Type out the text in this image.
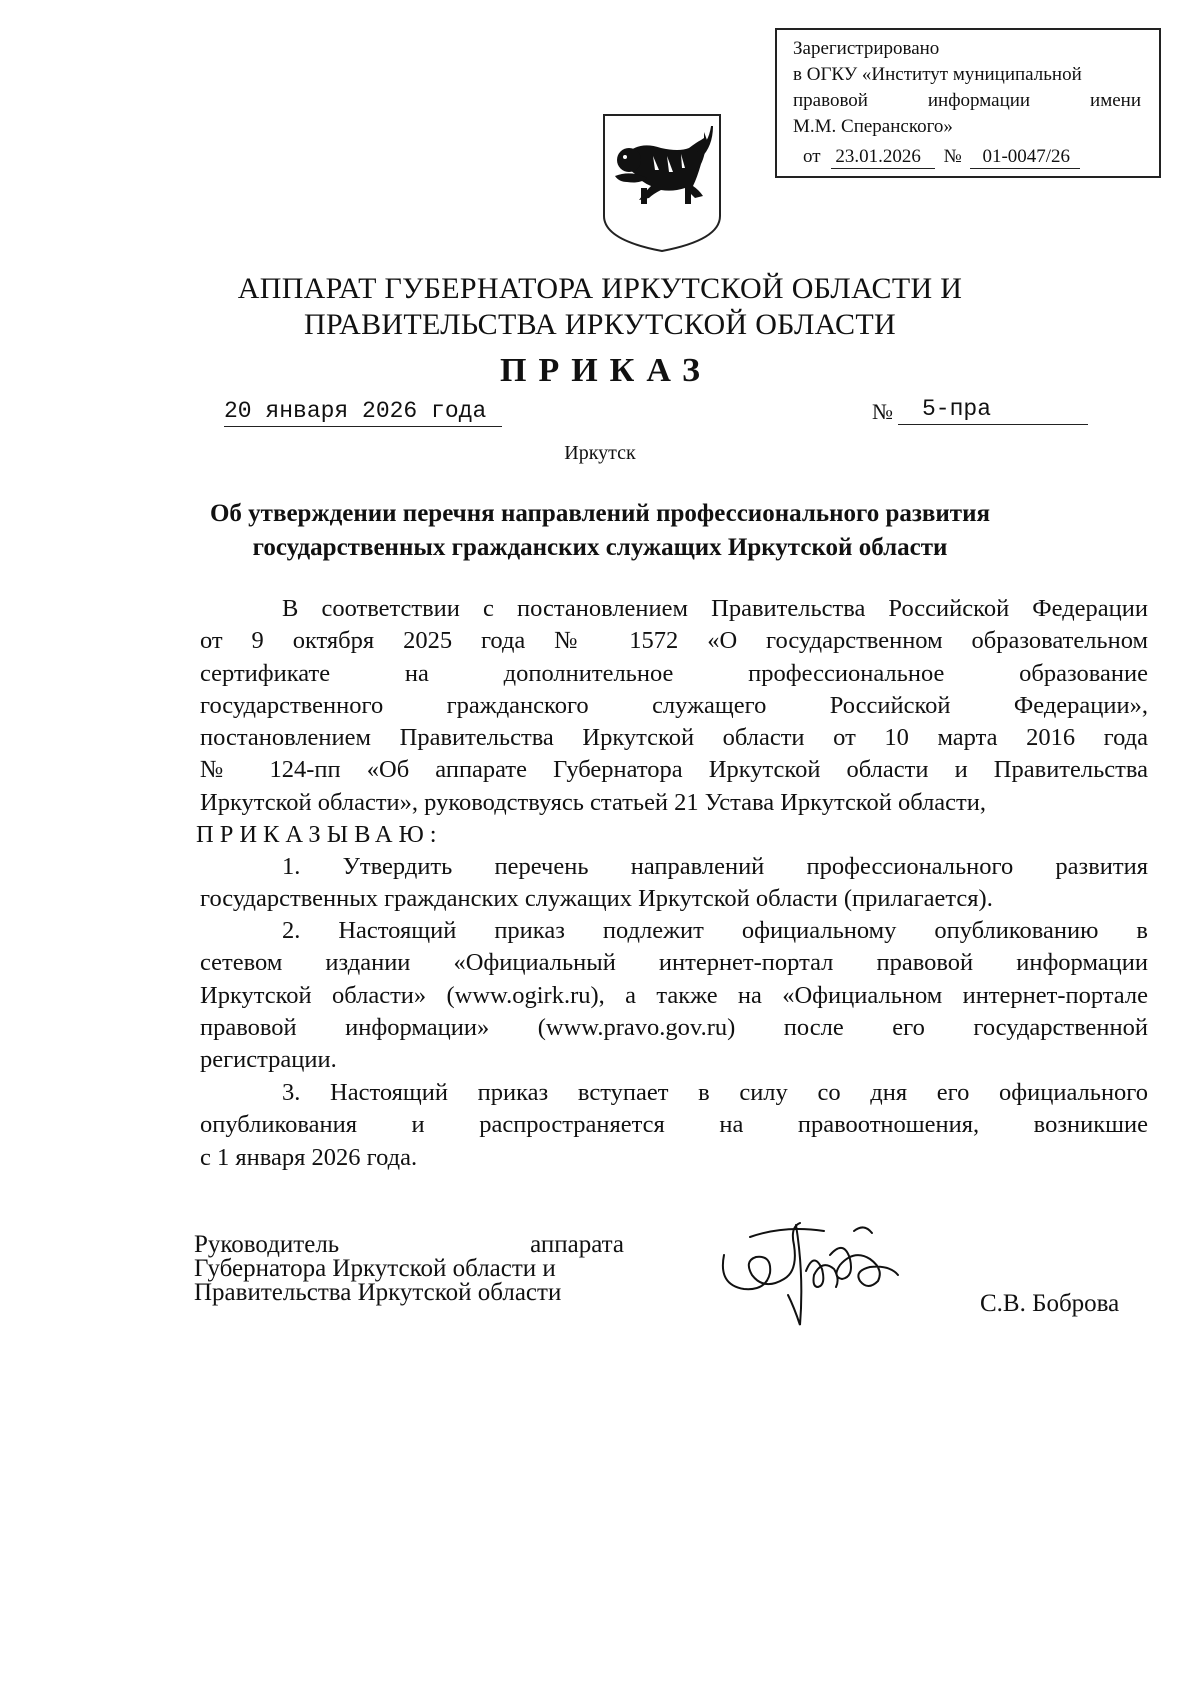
Зарегистрировано
в ОГКУ «Институт муниципальной
правовой	информации	имени
М.М. Сперанского»
от 23.01.2026 № 01-0047/26
АППАРАТ ГУБЕРНАТОРА ИРКУТСКОЙ ОБЛАСТИ И
ПРАВИТЕЛЬСТВА ИРКУТСКОЙ ОБЛАСТИ
ПРИКАЗ
20 января 2026 года	№	5-пра
Иркутск
Об утверждении перечня направлений профессионального развития
государственных гражданских служащих Иркутской области
В соответствии с постановлением Правительства Российской Федерации
от 9 октября 2025 года № 1572 «О государственном образовательном
сертификате на дополнительное профессиональное образование
государственного гражданского служащего Российской Федерации»,
постановлением Правительства Иркутской области от 10 марта 2016 года
№ 124-пп «Об аппарате Губернатора Иркутской области и Правительства
Иркутской области», руководствуясь статьей 21 Устава Иркутской области,
ПРИКАЗЫВАЮ:
1. Утвердить перечень направлений профессионального развития
государственных гражданских служащих Иркутской области (прилагается).
2. Настоящий приказ подлежит официальному опубликованию в
сетевом издании «Официальный интернет-портал правовой информации
Иркутской области» (www.ogirk.ru), а также на «Официальном интернет-портале
правовой информации» (www.pravo.gov.ru) после его государственной
регистрации.
3. Настоящий приказ вступает в силу со дня его официального
опубликования и распространяется на правоотношения, возникшие
с 1 января 2026 года.
Руководитель	аппарата
Губернатора Иркутской области и
Правительства Иркутской области	С.В. Боброва
